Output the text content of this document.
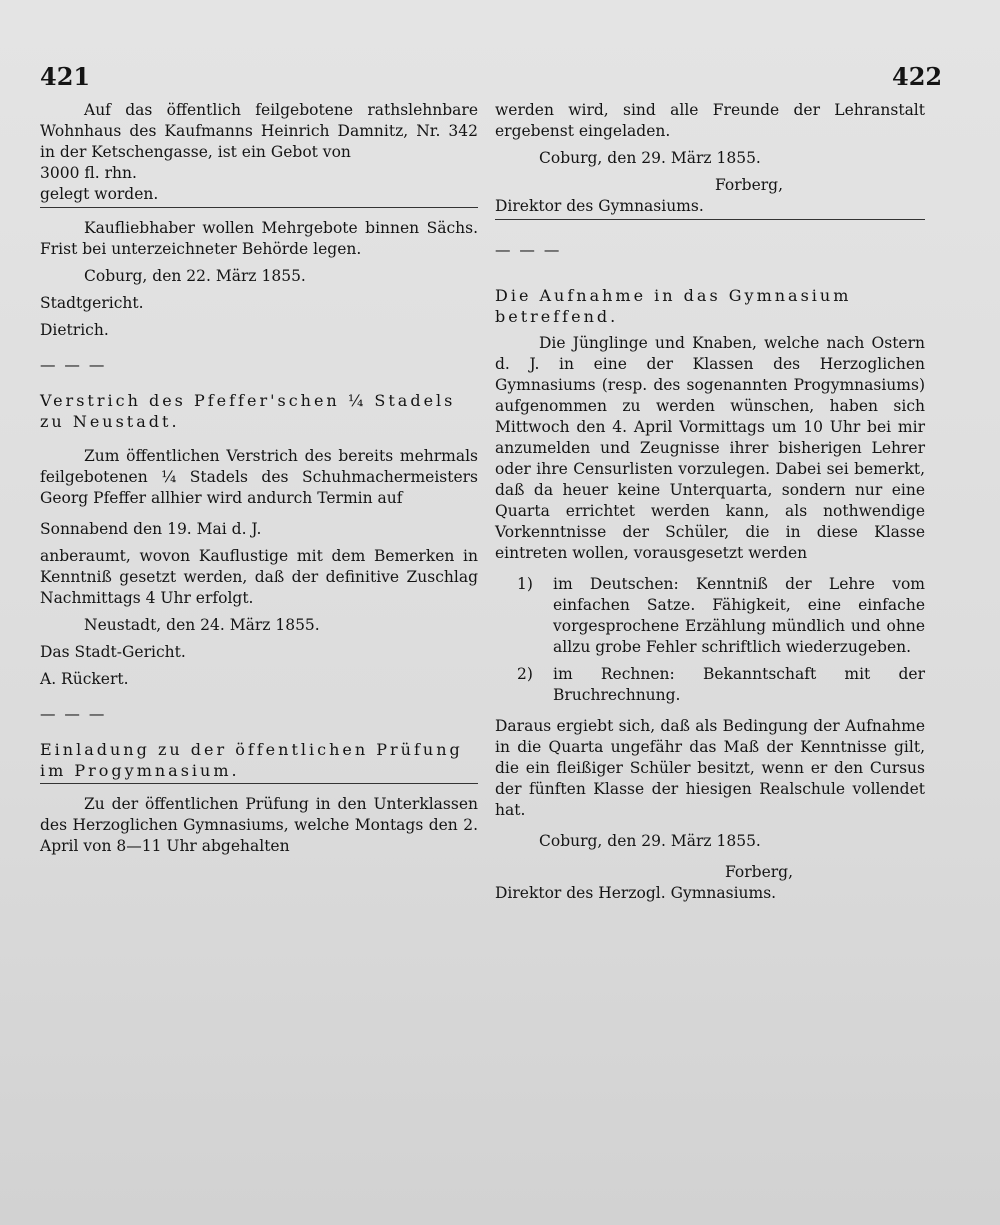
421	422

Auf das öffentlich feilgebotene rathslehnbare Wohnhaus des Kaufmanns Heinrich Damnitz, Nr. 342 in der Ketschengasse, ist ein Gebot von

3000 fl. rhn.

gelegt worden.

Kaufliebhaber wollen Mehrgebote binnen Sächs. Frist bei unterzeichneter Behörde legen.

Coburg, den 22. März 1855.

Stadtgericht.

Dietrich.

— — —

Verstrich des Pfeffer'schen ¼ Stadels

zu Neustadt.

Zum öffentlichen Verstrich des bereits mehrmals feilgebotenen ¼ Stadels des Schuhmachermeisters Georg Pfeffer allhier wird andurch Termin auf

Sonnabend den 19. Mai d. J.

anberaumt, wovon Kauflustige mit dem Bemerken in Kenntniß gesetzt werden, daß der definitive Zuschlag Nachmittags 4 Uhr erfolgt.

Neustadt, den 24. März 1855.

Das Stadt-Gericht.

A. Rückert.

— — —

Einladung zu der öffentlichen Prüfung

im Progymnasium.

Zu der öffentlichen Prüfung in den Unterklassen des Herzoglichen Gymnasiums, welche Montags den 2. April von 8—11 Uhr abgehalten

werden wird, sind alle Freunde der Lehranstalt ergebenst eingeladen.

Coburg, den 29. März 1855.

Forberg,

Direktor des Gymnasiums.

— — —

Die Aufnahme in das Gymnasium

betreffend.

Die Jünglinge und Knaben, welche nach Ostern d. J. in eine der Klassen des Herzoglichen Gymnasiums (resp. des sogenannten Progymnasiums) aufgenommen zu werden wünschen, haben sich Mittwoch den 4. April Vormittags um 10 Uhr bei mir anzumelden und Zeugnisse ihrer bisherigen Lehrer oder ihre Censurlisten vorzulegen. Dabei sei bemerkt, daß da heuer keine Unterquarta, sondern nur eine Quarta errichtet werden kann, als nothwendige Vorkenntnisse der Schüler, die in diese Klasse eintreten wollen, vorausgesetzt werden

1) im Deutschen: Kenntniß der Lehre vom einfachen Satze. Fähigkeit, eine einfache vorgesprochene Erzählung mündlich und ohne allzu grobe Fehler schriftlich wiederzugeben.

2) im Rechnen: Bekanntschaft mit der Bruchrechnung.

Daraus ergiebt sich, daß als Bedingung der Aufnahme in die Quarta ungefähr das Maß der Kenntnisse gilt, die ein fleißiger Schüler besitzt, wenn er den Cursus der fünften Klasse der hiesigen Realschule vollendet hat.

Coburg, den 29. März 1855.

Forberg,

Direktor des Herzogl. Gymnasiums.
